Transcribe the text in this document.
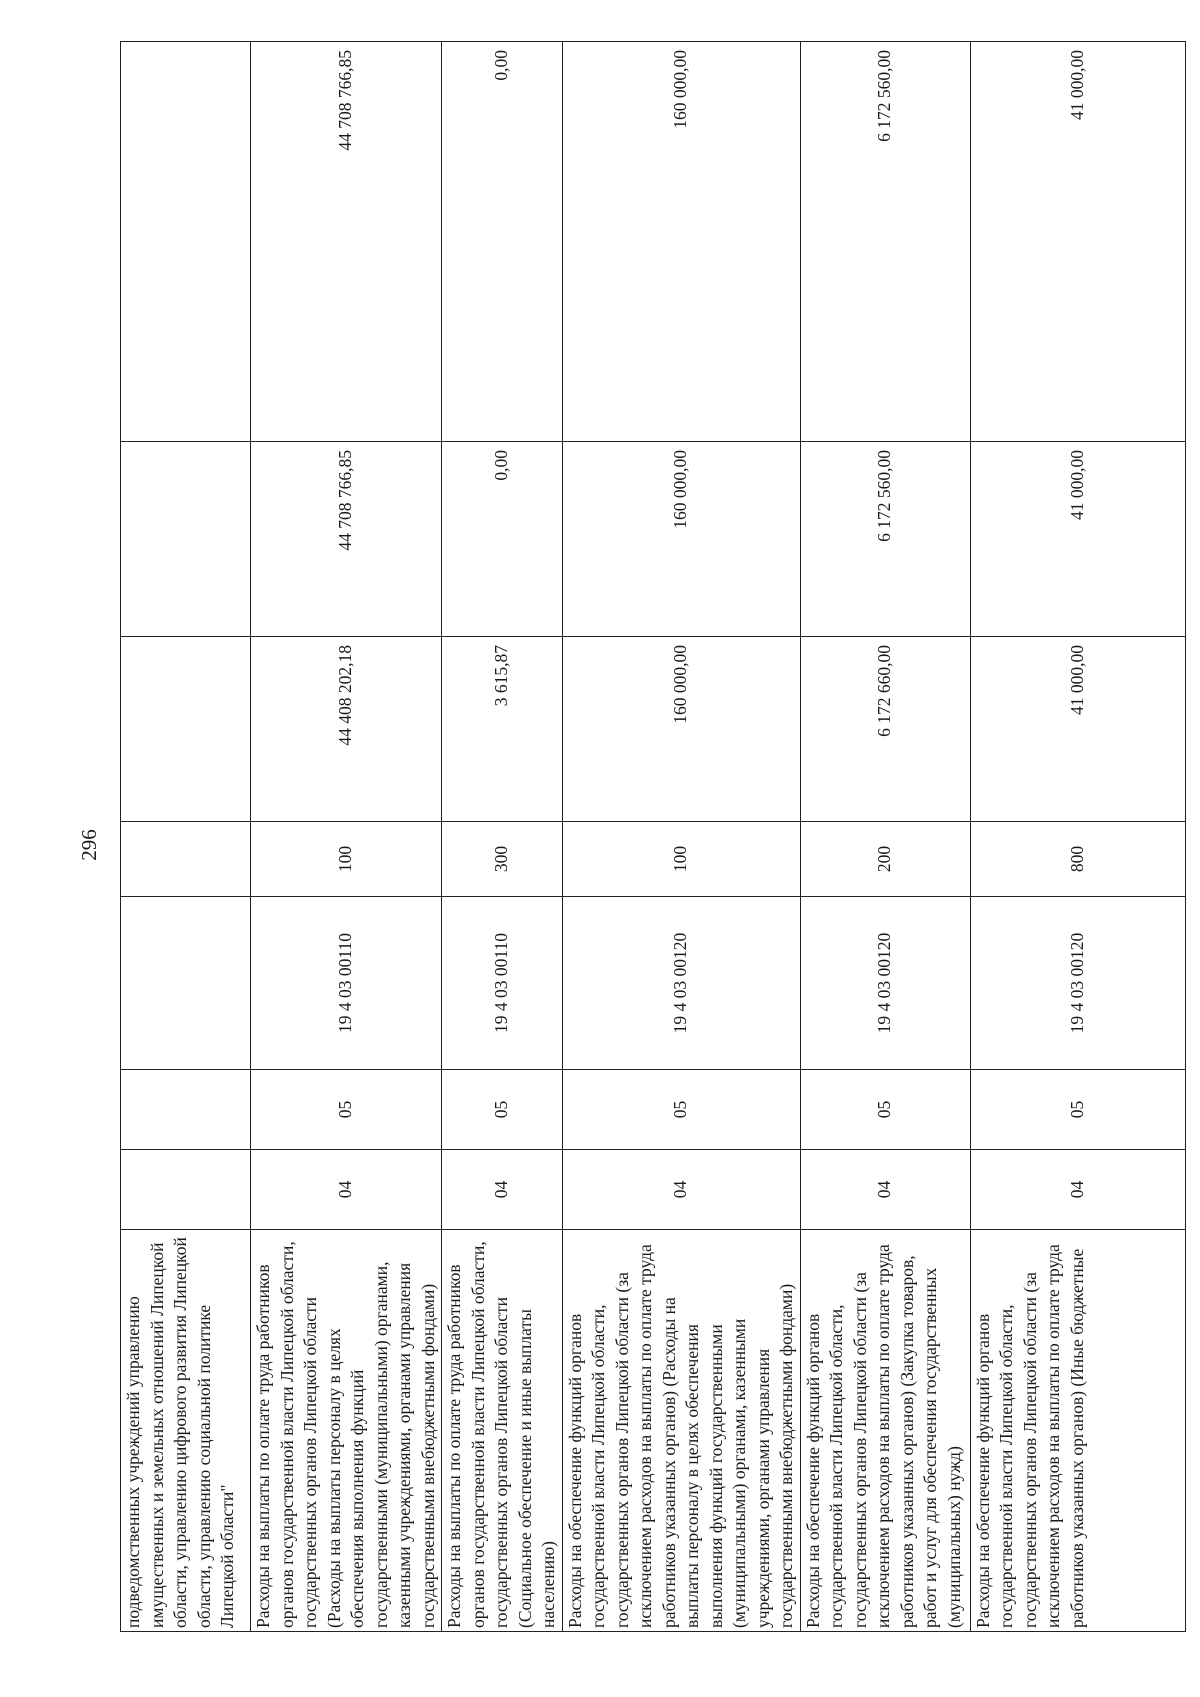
296
подведомственных учреждений управлению имущественных и земельных отношений Липецкой области, управлению цифрового развития Липецкой области, управлению социальной политике Липецкой области"							
Расходы на выплаты по оплате труда работников органов государственной власти Липецкой области, государственных органов Липецкой области (Расходы на выплаты персоналу в целях обеспечения выполнения функций государственными (муниципальными) органами, казенными учреждениями, органами управления государственными внебюджетными фондами)	04	05	19 4 03 00110	100	44 408 202,18	44 708 766,85	44 708 766,85
Расходы на выплаты по оплате труда работников органов государственной власти Липецкой области, государственных органов Липецкой области (Социальное обеспечение и иные выплаты населению)	04	05	19 4 03 00110	300	3 615,87	0,00	0,00
Расходы на обеспечение функций органов государственной власти Липецкой области, государственных органов Липецкой области (за исключением расходов на выплаты по оплате труда работников указанных органов) (Расходы на выплаты персоналу в целях обеспечения выполнения функций государственными (муниципальными) органами, казенными учреждениями, органами управления государственными внебюджетными фондами)	04	05	19 4 03 00120	100	160 000,00	160 000,00	160 000,00
Расходы на обеспечение функций органов государственной власти Липецкой области, государственных органов Липецкой области (за исключением расходов на выплаты по оплате труда работников указанных органов) (Закупка товаров, работ и услуг для обеспечения государственных (муниципальных) нужд)	04	05	19 4 03 00120	200	6 172 660,00	6 172 560,00	6 172 560,00
Расходы на обеспечение функций органов государственной власти Липецкой области, государственных органов Липецкой области (за исключением расходов на выплаты по оплате труда работников указанных органов) (Иные бюджетные	04	05	19 4 03 00120	800	41 000,00	41 000,00	41 000,00
